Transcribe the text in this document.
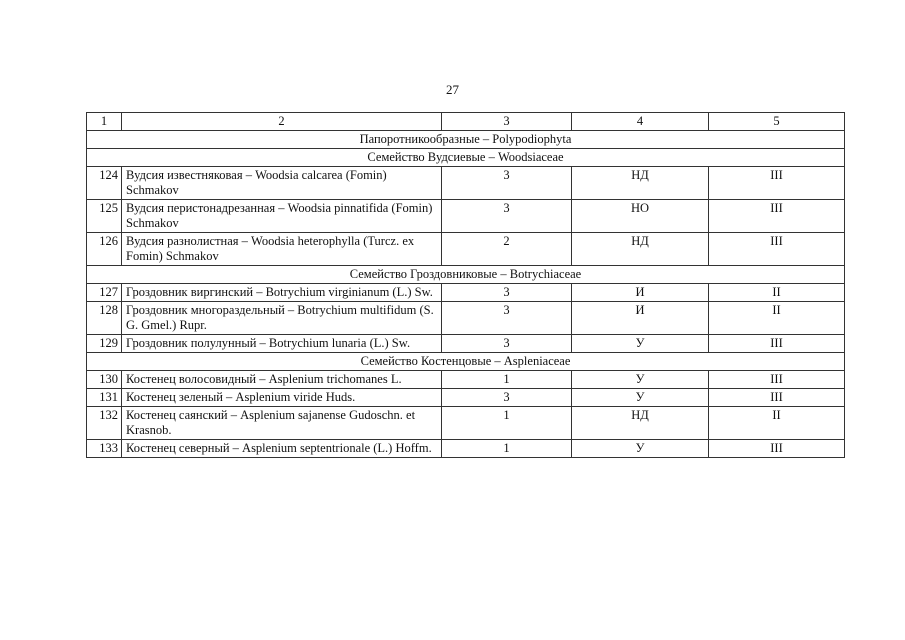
27
1	2	3	4	5
Папоротникообразные – Polypodiophyta				
Семейство Вудсиевые – Woodsiaceae				
124	Вудсия известняковая – Woodsia calcarea (Fomin) Schmakov	3	НД	III
125	Вудсия перистонадрезанная – Woodsia pinnatifida (Fomin) Schmakov	3	НО	III
126	Вудсия разнолистная – Woodsia heterophylla (Turcz. ex Fomin) Schmakov	2	НД	III
Семейство Гроздовниковые – Botrychiaceae				
127	Гроздовник виргинский – Botrychium virginianum (L.) Sw.	3	И	II
128	Гроздовник многораздельный – Botrychium multifidum (S. G. Gmel.) Rupr.	3	И	II
129	Гроздовник полулунный – Botrychium lunaria (L.) Sw.	3	У	III
Семейство Костенцовые – Aspleniaceae				
130	Костенец волосовидный – Asplenium trichomanes L.	1	У	III
131	Костенец зеленый – Asplenium viride Huds.	3	У	III
132	Костенец саянский – Asplenium sajanense Gudoschn. et Krasnob.	1	НД	II
133	Костенец северный – Asplenium septentrionale (L.) Hoffm.	1	У	III
